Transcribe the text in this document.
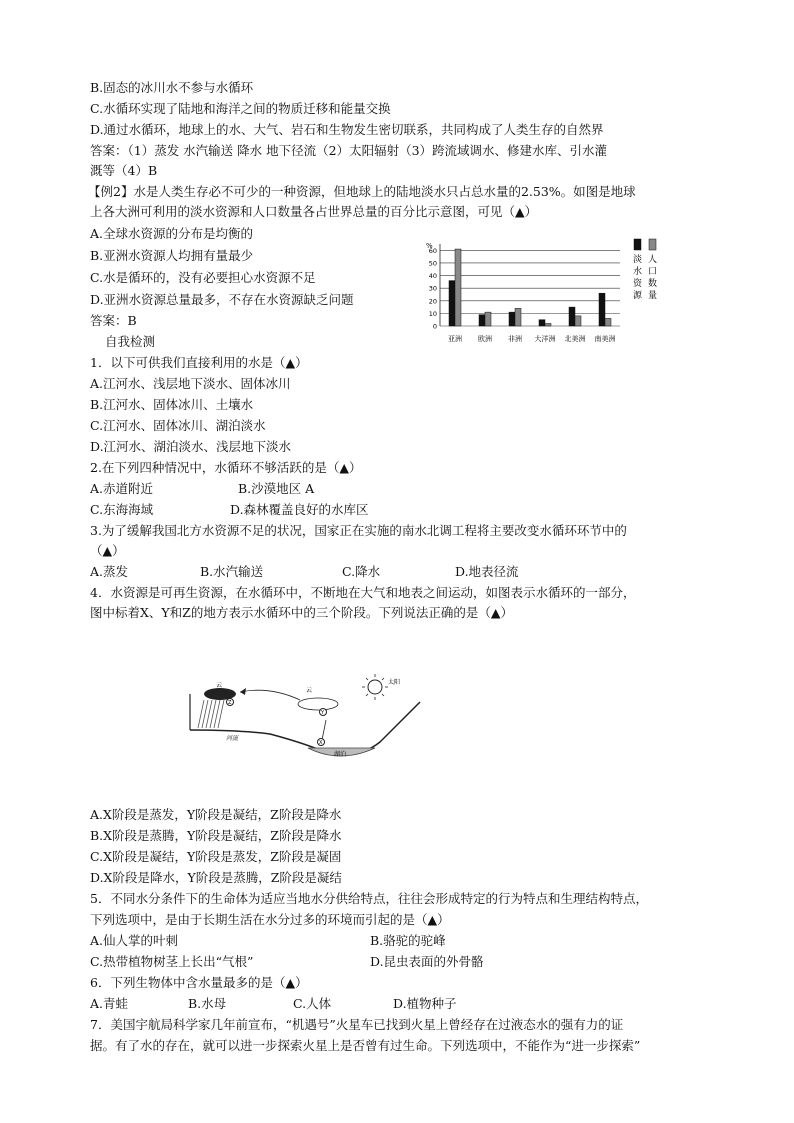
B.固态的冰川水不参与水循环
C.水循环实现了陆地和海洋之间的物质迁移和能量交换
D.通过水循环，地球上的水、大气、岩石和生物发生密切联系，共同构成了人类生存的自然界
答案：（1）蒸发 水汽输送 降水 地下径流（2）太阳辐射（3）跨流域调水、修建水库、引水灌
溉等（4）B
【例2】水是人类生存必不可少的一种资源，但地球上的陆地淡水只占总水量的2.53%。如图是地球
上各大洲可利用的淡水资源和人口数量各占世界总量的百分比示意图，可见（▲）
A.全球水资源的分布是均衡的
B.亚洲水资源人均拥有量最少
C.水是循环的，没有必要担心水资源不足
D.亚洲水资源总量最多，不存在水资源缺乏问题
答案：B
自我检测
1．以下可供我们直接利用的水是（▲）
A.江河水、浅层地下淡水、固体冰川
B.江河水、固体冰川、土壤水
C.江河水、固体冰川、湖泊淡水
D.江河水、湖泊淡水、浅层地下淡水
2.在下列四种情况中，水循环不够活跃的是（▲）
A.赤道附近	B.沙漠地区 A
C.东海海域	D.森林覆盖良好的水库区
3.为了缓解我国北方水资源不足的状况，国家正在实施的南水北调工程将主要改变水循环环节中的
（▲）
A.蒸发	B.水汽输送	C.降水	D.地表径流
4．水资源是可再生资源，在水循环中，不断地在大气和地表之间运动，如图表示水循环的一部分，
图中标着X、Y和Z的地方表示水循环中的三个阶段。下列说法正确的是（▲）
A.X阶段是蒸发，Y阶段是凝结，Z阶段是降水
B.X阶段是蒸腾，Y阶段是凝结，Z阶段是降水
C.X阶段是凝结，Y阶段是蒸发，Z阶段是凝固
D.X阶段是降水，Y阶段是蒸腾，Z阶段是凝结
5．不同水分条件下的生命体为适应当地水分供给特点，往往会形成特定的行为特点和生理结构特点，
下列选项中，是由于长期生活在水分过多的环境而引起的是（▲）
A.仙人掌的叶刺	B.骆驼的驼峰
C.热带植物树茎上长出“气根”	D.昆虫表面的外骨骼
6．下列生物体中含水量最多的是（▲）
A.青蛙	B.水母	C.人体	D.植物种子
7．美国宇航局科学家几年前宣布，“机遇号”火星车已找到火星上曾经存在过液态水的强有力的证
据。有了水的存在，就可以进一步探索火星上是否曾有过生命。下列选项中，不能作为“进一步探索”
0
10
20
30
40
50
60
亚洲 欧洲 非洲 大洋洲 北美洲 南美洲
%
淡
水
资
源
人
口
数
量
湖泊
河流
云
Z
云
Y
X
太阳
